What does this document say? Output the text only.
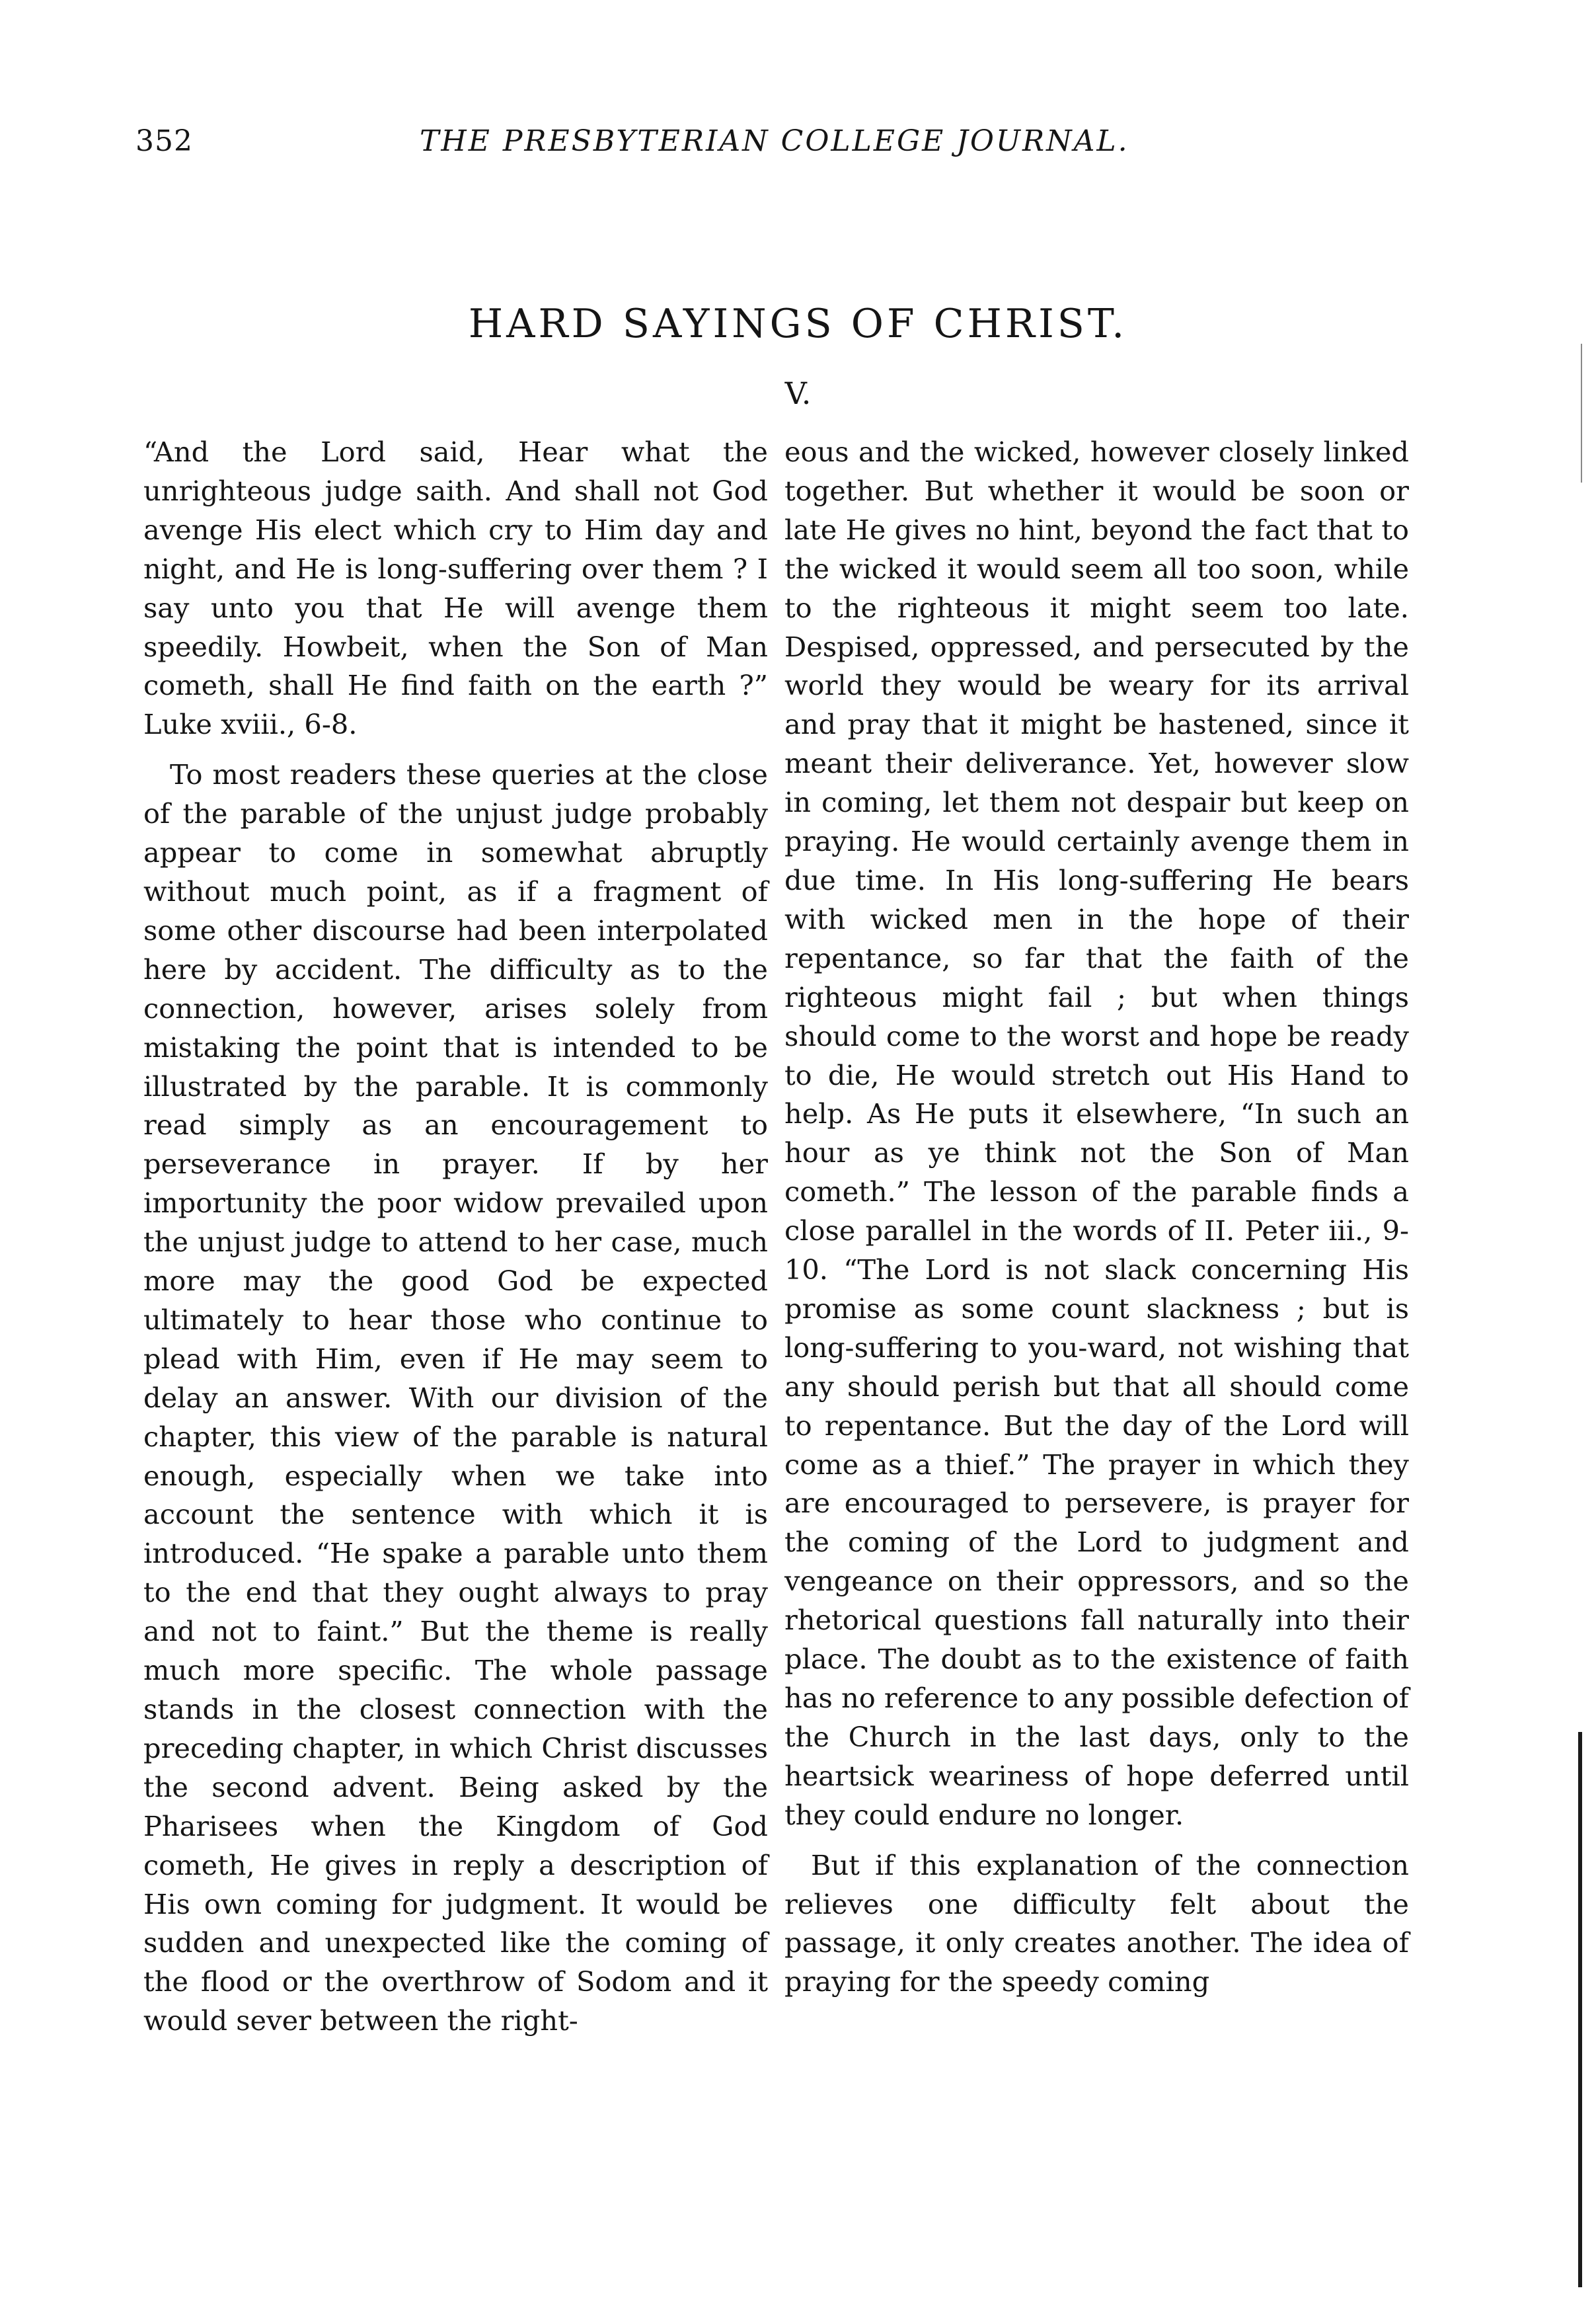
352	THE PRESBYTERIAN COLLEGE JOURNAL.
HARD SAYINGS OF CHRIST.
V.

“And the Lord said, Hear what the unrighteous judge saith. And shall not God avenge His elect which cry to Him day and night, and He is long-suffering over them ? I say unto you that He will avenge them speedily. Howbeit, when the Son of Man cometh, shall He find faith on the earth ?” Luke xviii., 6-8.

To most readers these queries at the close of the parable of the unjust judge probably appear to come in somewhat abruptly without much point, as if a fragment of some other discourse had been interpolated here by accident. The difficulty as to the connection, however, arises solely from mistaking the point that is intended to be illustrated by the parable. It is commonly read simply as an encouragement to perseverance in prayer. If by her importunity the poor widow prevailed upon the unjust judge to attend to her case, much more may the good God be expected ultimately to hear those who continue to plead with Him, even if He may seem to delay an answer. With our division of the chapter, this view of the parable is natural enough, especially when we take into account the sentence with which it is introduced. “He spake a parable unto them to the end that they ought always to pray and not to faint.” But the theme is really much more specific. The whole passage stands in the closest connection with the preceding chapter, in which Christ discusses the second advent. Being asked by the Pharisees when the Kingdom of God cometh, He gives in reply a description of His own coming for judgment. It would be sudden and unexpected like the coming of the flood or the overthrow of Sodom and it would sever between the right-

eous and the wicked, however closely linked together. But whether it would be soon or late He gives no hint, beyond the fact that to the wicked it would seem all too soon, while to the righteous it might seem too late. Despised, oppressed, and persecuted by the world they would be weary for its arrival and pray that it might be hastened, since it meant their deliverance. Yet, however slow in coming, let them not despair but keep on praying. He would certainly avenge them in due time. In His long-suffering He bears with wicked men in the hope of their repentance, so far that the faith of the righteous might fail ; but when things should come to the worst and hope be ready to die, He would stretch out His Hand to help. As He puts it elsewhere, “In such an hour as ye think not the Son of Man cometh.” The lesson of the parable finds a close parallel in the words of II. Peter iii., 9-10. “The Lord is not slack concerning His promise as some count slackness ; but is long-suffering to you-ward, not wishing that any should perish but that all should come to repentance. But the day of the Lord will come as a thief.” The prayer in which they are encouraged to persevere, is prayer for the coming of the Lord to judgment and vengeance on their oppressors, and so the rhetorical questions fall naturally into their place. The doubt as to the existence of faith has no reference to any possible defection of the Church in the last days, only to the heartsick weariness of hope deferred until they could endure no longer.

But if this explanation of the connection relieves one difficulty felt about the passage, it only creates another. The idea of praying for the speedy coming
